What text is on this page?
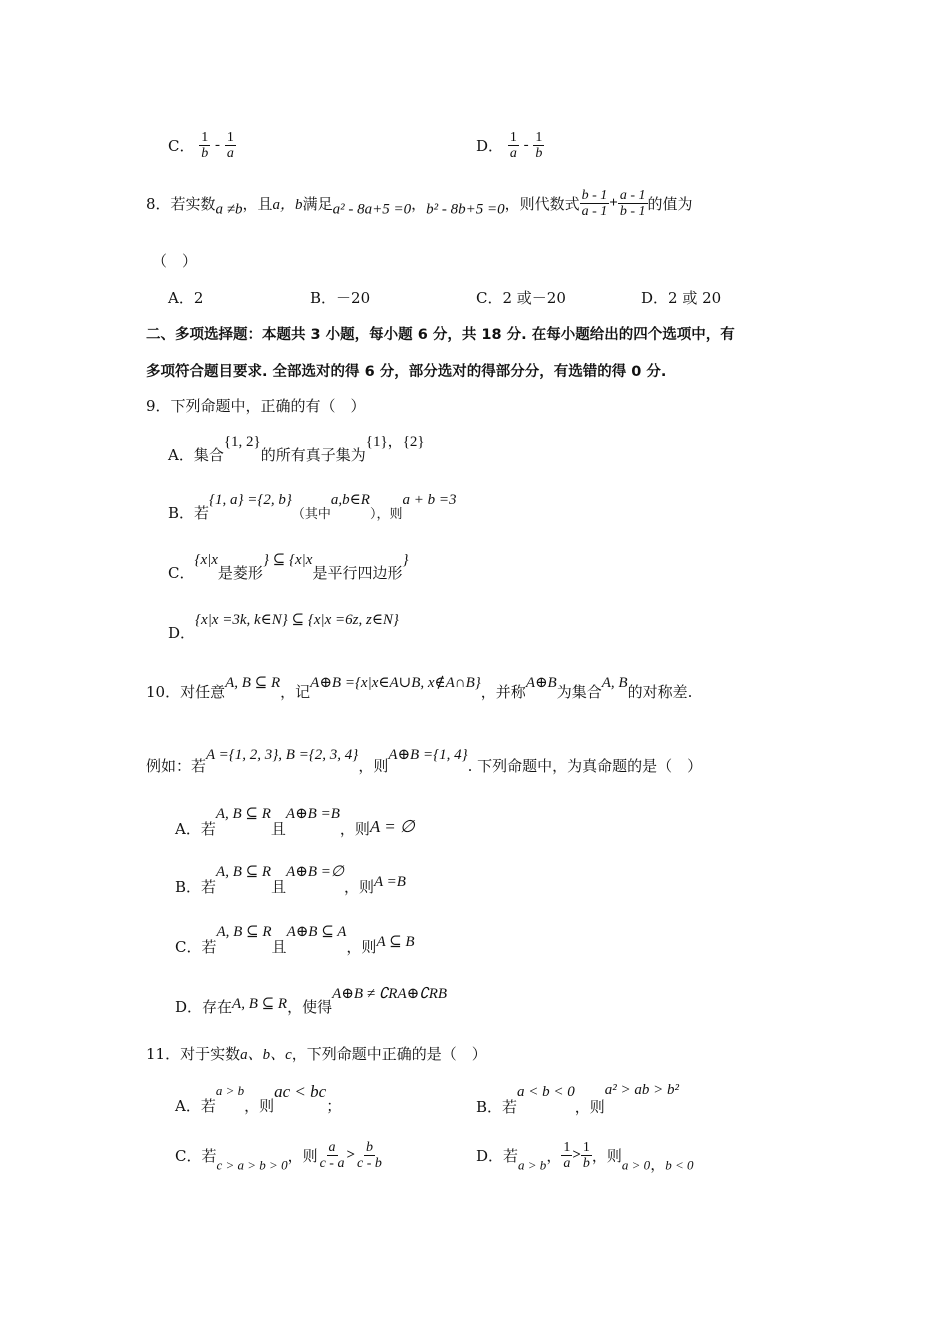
C． $\frac{1}{b} - \frac{1}{a}$	D． $\frac{1}{a} - \frac{1}{b}$
8．若实数a ≠b，且a，b满足a² - 8a+5 =0，b² - 8b+5 =0，则代数式 $\frac{b - 1}{a - 1} + \frac{a - 1}{b - 1}$ 的值为
（　）
A．2	B．－20	C．2 或－20	D．2 或 20
二、多项选择题：本题共 3 小题，每小题 6 分，共 18 分. 在每小题给出的四个选项中，有
多项符合题目要求. 全部选对的得 6 分，部分选对的得部分分，有选错的得 0 分.
9．下列命题中，正确的有（　）
A．集合{1, 2}的所有真子集为{1}，{2}
B．若{1, a} ={2, b}（其中a,b∈R），则a + b =3
C．{x|x是菱形} ⊆ {x|x是平行四边形}
D．{x|x =3k, k∈N} ⊆ {x|x =6z, z∈N}
10．对任意A, B ⊆ R，记A⊕B ={x|x∈A∪B, x∉A∩B}，并称A⊕B为集合A, B的对称差.
例如：若A ={1, 2, 3}, B ={2, 3, 4}，则A⊕B ={1, 4}. 下列命题中，为真命题的是（　）
A．若A, B ⊆ R且A⊕B =B，则A = ∅
B．若A, B ⊆ R且A⊕B =∅，则A =B
C．若A, B ⊆ R且A⊕B ⊆ A，则A ⊆ B
D．存在A, B ⊆ R，使得A⊕B ≠ ∁RA⊕∁RB
11．对于实数a、b、c，下列命题中正确的是（　）
A．若a > b，则ac < bc；	B．若a < b < 0，则a² > ab > b²
C．若c > a > b > 0，则 $\frac{a}{c - a} > \frac{b}{c - b}$	D．若a > b， $\frac{1}{a} > \frac{1}{b}$ ，则a > 0，b < 0
